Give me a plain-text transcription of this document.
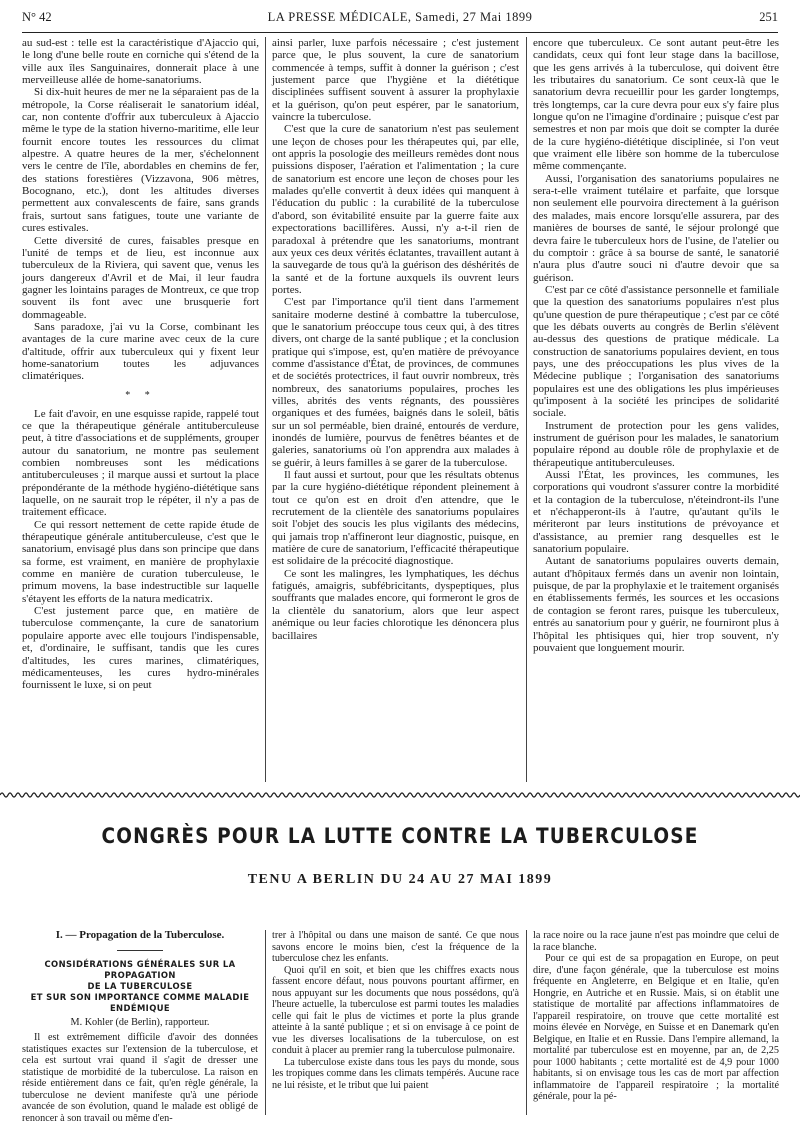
N° 42	LA PRESSE MÉDICALE, Samedi, 27 Mai 1899	251

au sud-est : telle est la caractéristique d'Ajaccio qui, le long d'une belle route en corniche qui s'étend de la ville aux îles Sanguinaires, donnerait place à une merveilleuse allée de home-sanatoriums.

Si dix-huit heures de mer ne la séparaient pas de la métropole, la Corse réaliserait le sanatorium idéal, car, non contente d'offrir aux tuberculeux à Ajaccio même le type de la station hiverno-maritime, elle leur fournit encore toutes les ressources du climat alpestre. A quatre heures de la mer, s'échelonnent vers le centre de l'île, abordables en chemins de fer, des stations forestières (Vizzavona, 906 mètres, Bocognano, etc.), dont les altitudes diverses permettent aux convalescents de faire, sans grands frais, surtout sans fatigues, toute une variante de cures estivales.

Cette diversité de cures, faisables presque en l'unité de temps et de lieu, est inconnue aux tuberculeux de la Riviera, qui savent que, venus les jours dangereux d'Avril et de Mai, il leur faudra gagner les lointains parages de Montreux, ce que trop souvent ils font avec une brusquerie fort dommageable.

Sans paradoxe, j'ai vu la Corse, combinant les avantages de la cure marine avec ceux de la cure d'altitude, offrir aux tuberculeux qui y fixent leur home-sanatorium toutes les adjuvances climatériques.

* *

Le fait d'avoir, en une esquisse rapide, rappelé tout ce que la thérapeutique générale antituberculeuse peut, à titre d'associations et de suppléments, grouper autour du sanatorium, ne montre pas seulement combien nombreuses sont les médications antituberculeuses ; il marque aussi et surtout la place prépondérante de la méthode hygiéno-diététique sans laquelle, on ne saurait trop le répéter, il n'y a pas de traitement efficace.

Ce qui ressort nettement de cette rapide étude de thérapeutique générale antituberculeuse, c'est que le sanatorium, envisagé plus dans son principe que dans sa forme, est vraiment, en manière de prophylaxie comme en manière de curation tuberculeuse, le primum movens, la base indestructible sur laquelle s'étayent les efforts de la natura medicatrix.

C'est justement parce que, en matière de tuberculose commençante, la cure de sanatorium populaire apporte avec elle toujours l'indispensable, et, d'ordinaire, le suffisant, tandis que les cures d'altitudes, les cures marines, climatériques, médicamenteuses, les cures hydro-minérales fournissent le luxe, si on peut

ainsi parler, luxe parfois nécessaire ; c'est justement parce que, le plus souvent, la cure de sanatorium commencée à temps, suffit à donner la guérison ; c'est justement parce que l'hygiène et la diététique disciplinées suffisent souvent à assurer la prophylaxie et la guérison, qu'on peut espérer, par le sanatorium, vaincre la tuberculose.

C'est que la cure de sanatorium n'est pas seulement une leçon de choses pour les thérapeutes qui, par elle, ont appris la posologie des meilleurs remèdes dont nous puissions disposer, l'aération et l'alimentation ; la cure de sanatorium est encore une leçon de choses pour les malades qu'elle convertit à deux idées qui manquent à l'éducation du public : la curabilité de la tuberculose d'abord, son évitabilité ensuite par la guerre faite aux expectorations bacillifères. Aussi, n'y a-t-il rien de paradoxal à prétendre que les sanatoriums, montrant aux yeux ces deux vérités éclatantes, travaillent autant à la sauvegarde de tous qu'à la guérison des déshérités de la santé et de la fortune auxquels ils ouvrent leurs portes.

C'est par l'importance qu'il tient dans l'armement sanitaire moderne destiné à combattre la tuberculose, que le sanatorium préoccupe tous ceux qui, à des titres divers, ont charge de la santé publique ; et la conclusion pratique qui s'impose, est, qu'en matière de prévoyance comme d'assistance d'État, de provinces, de communes et de sociétés protectrices, il faut ouvrir nombreux, très nombreux, des sanatoriums populaires, proches les villes, abrités des vents régnants, des poussières organiques et des fumées, baignés dans le soleil, bâtis sur un sol perméable, bien drainé, entourés de verdure, inondés de lumière, pourvus de fenêtres béantes et de galeries, sanatoriums où l'on apprendra aux malades à se guérir, à leurs familles à se garer de la tuberculose.

Il faut aussi et surtout, pour que les résultats obtenus par la cure hygiéno-diététique répondent pleinement à tout ce qu'on est en droit d'en attendre, que le recrutement de la clientèle des sanatoriums populaires soit l'objet des soucis les plus vigilants des médecins, qui jamais trop n'affineront leur diagnostic, puisque, en matière de cure de sanatorium, l'efficacité thérapeutique est solidaire de la précocité diagnostique.

Ce sont les malingres, les lymphatiques, les déchus fatigués, amaigris, subfébricitants, dyspeptiques, plus souffrants que malades encore, qui formeront le gros de la clientèle du sanatorium, alors que leur aspect anémique ou leur facies chlorotique les dénoncera plus bacillaires

encore que tuberculeux. Ce sont autant peut-être les candidats, ceux qui font leur stage dans la bacillose, que les gens arrivés à la tuberculose, qui doivent être les tributaires du sanatorium. Ce sont ceux-là que le sanatorium devra recueillir pour les garder longtemps, très longtemps, car la cure devra pour eux s'y faire plus longue qu'on ne l'imagine d'ordinaire ; puisque c'est par semestres et non par mois que doit se compter la durée de la cure hygiéno-diététique disciplinée, si l'on veut que vraiment elle libère son homme de la tuberculose même commençante.

Aussi, l'organisation des sanatoriums populaires ne sera-t-elle vraiment tutélaire et parfaite, que lorsque non seulement elle pourvoira directement à la guérison des malades, mais encore lorsqu'elle assurera, par des manières de bourses de santé, le séjour prolongé que devra faire le tuberculeux hors de l'usine, de l'atelier ou du comptoir : grâce à sa bourse de santé, le sanatorié n'aura plus d'autre souci ni d'autre devoir que sa guérison.

C'est par ce côté d'assistance personnelle et familiale que la question des sanatoriums populaires n'est plus qu'une question de pure thérapeutique ; c'est par ce côté que les débats ouverts au congrès de Berlin s'élèvent au-dessus des questions de pratique médicale. La construction de sanatoriums populaires devient, en tous pays, une des préoccupations les plus vives de la Médecine publique ; l'organisation des sanatoriums populaires est une des obligations les plus impérieuses qu'imposent à la société les principes de solidarité sociale.

Instrument de protection pour les gens valides, instrument de guérison pour les malades, le sanatorium populaire répond au double rôle de prophylaxie et de thérapeutique antituberculeuses.

Aussi l'État, les provinces, les communes, les corporations qui voudront s'assurer contre la morbidité et la contagion de la tuberculose, n'éteindront-ils l'une et n'échapperont-ils à l'autre, qu'autant qu'ils le mériteront par leurs institutions de prévoyance et d'assistance, au premier rang desquelles est le sanatorium populaire.

Autant de sanatoriums populaires ouverts demain, autant d'hôpitaux fermés dans un avenir non lointain, puisque, de par la prophylaxie et le traitement organisés en établissements fermés, les sources et les occasions de contagion se feront rares, puisque les tuberculeux, entrés au sanatorium pour y guérir, ne fourniront plus à l'hôpital les phtisiques qui, hier trop souvent, n'y pouvaient que longuement mourir.

CONGRÈS POUR LA LUTTE CONTRE LA TUBERCULOSE
TENU A BERLIN DU 24 AU 27 MAI 1899
I. — Propagation de la Tuberculose.
CONSIDÉRATIONS GÉNÉRALES SUR LA PROPAGATION
DE LA TUBERCULOSE
ET SUR SON IMPORTANCE COMME MALADIE ENDÉMIQUE
M. Kohler (de Berlin), rapporteur.

Il est extrêmement difficile d'avoir des données statistiques exactes sur l'extension de la tuberculose, et cela est surtout vrai quand il s'agit de dresser une statistique de morbidité de la tuberculose. La raison en réside entièrement dans ce fait, qu'en règle générale, la tuberculose ne devient manifeste qu'à une période avancée de son évolution, quand le malade est obligé de renoncer à son travail ou même d'en-

trer à l'hôpital ou dans une maison de santé. Ce que nous savons encore le moins bien, c'est la fréquence de la tuberculose chez les enfants.

Quoi qu'il en soit, et bien que les chiffres exacts nous fassent encore défaut, nous pouvons pourtant affirmer, en nous appuyant sur les documents que nous possédons, qu'à l'heure actuelle, la tuberculose est parmi toutes les maladies celle qui fait le plus de victimes et porte la plus grande atteinte à la santé publique ; et si on envisage à ce point de vue les diverses localisations de la tuberculose, on est conduit à placer au premier rang la tuberculose pulmonaire.

La tuberculose existe dans tous les pays du monde, sous les tropiques comme dans les climats tempérés. Aucune race ne lui résiste, et le tribut que lui paient

la race noire ou la race jaune n'est pas moindre que celui de la race blanche.

Pour ce qui est de sa propagation en Europe, on peut dire, d'une façon générale, que la tuberculose est moins fréquente en Angleterre, en Belgique et en Italie, qu'en Hongrie, en Autriche et en Russie. Mais, si on établit une statistique de mortalité par affections inflammatoires de l'appareil respiratoire, on trouve que cette mortalité est moins élevée en Norvège, en Suisse et en Danemark qu'en Belgique, en Italie et en Russie. Dans l'empire allemand, la mortalité par tuberculose est en moyenne, par an, de 2,25 pour 1000 habitants ; cette mortalité est de 4,9 pour 1000 habitants, si on envisage tous les cas de mort par affection inflammatoire de l'appareil respiratoire ; la mortalité générale, pour la pé-
